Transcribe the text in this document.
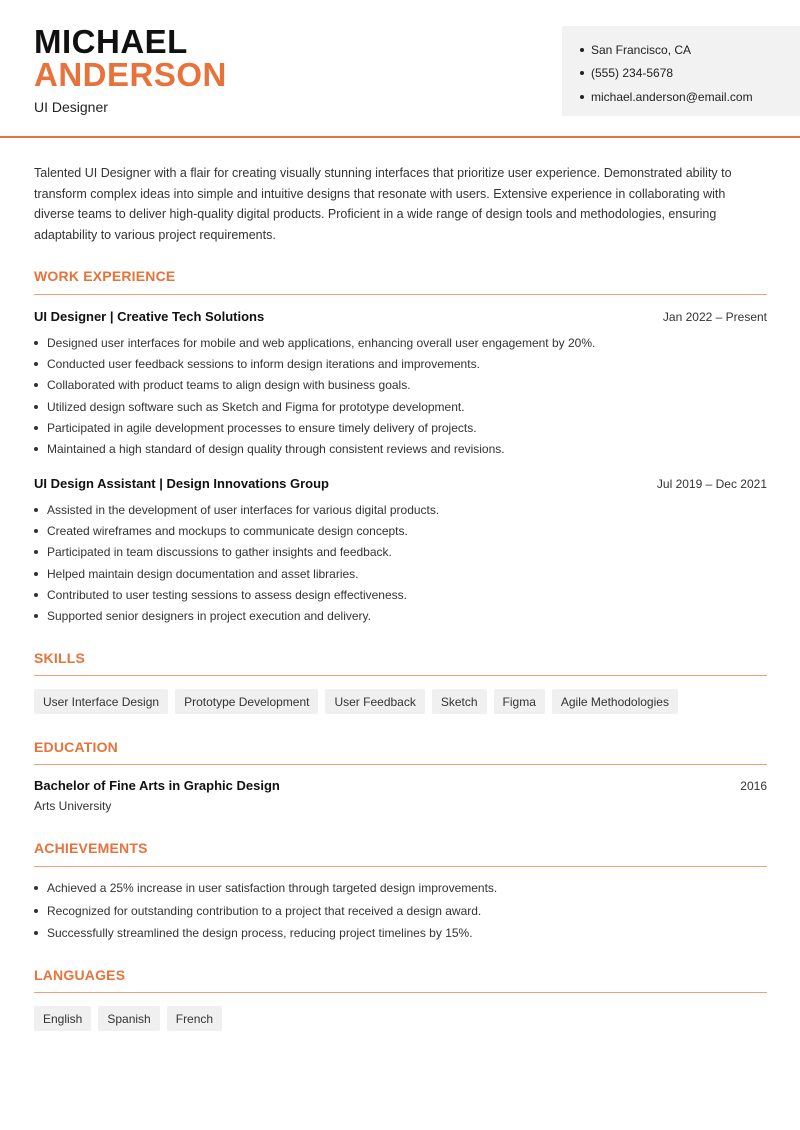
MICHAEL
ANDERSON
UI Designer
San Francisco, CA
(555) 234-5678
michael.anderson@email.com

Talented UI Designer with a flair for creating visually stunning interfaces that prioritize user experience. Demonstrated ability to transform complex ideas into simple and intuitive designs that resonate with users. Extensive experience in collaborating with diverse teams to deliver high-quality digital products. Proficient in a wide range of design tools and methodologies, ensuring adaptability to various project requirements.

WORK EXPERIENCE
UI Designer | Creative Tech Solutions	Jan 2022 – Present
Designed user interfaces for mobile and web applications, enhancing overall user engagement by 20%.
Conducted user feedback sessions to inform design iterations and improvements.
Collaborated with product teams to align design with business goals.
Utilized design software such as Sketch and Figma for prototype development.
Participated in agile development processes to ensure timely delivery of projects.
Maintained a high standard of design quality through consistent reviews and revisions.
UI Design Assistant | Design Innovations Group	Jul 2019 – Dec 2021
Assisted in the development of user interfaces for various digital products.
Created wireframes and mockups to communicate design concepts.
Participated in team discussions to gather insights and feedback.
Helped maintain design documentation and asset libraries.
Contributed to user testing sessions to assess design effectiveness.
Supported senior designers in project execution and delivery.
SKILLS
User Interface Design	Prototype Development	User Feedback	Sketch	Figma	Agile Methodologies
EDUCATION
Bachelor of Fine Arts in Graphic Design	2016
Arts University
ACHIEVEMENTS
Achieved a 25% increase in user satisfaction through targeted design improvements.
Recognized for outstanding contribution to a project that received a design award.
Successfully streamlined the design process, reducing project timelines by 15%.
LANGUAGES
English	Spanish	French
